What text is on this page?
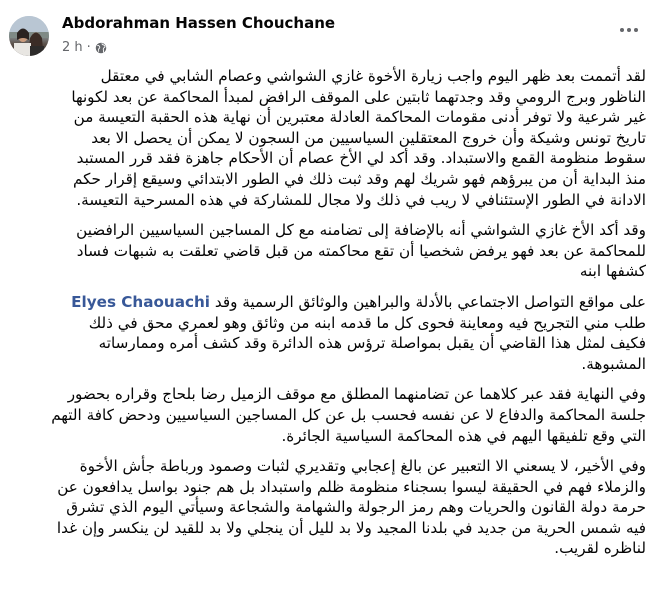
Abdorahman Hassen Chouchane
2 h ·
لقد أتممت بعد ظهر اليوم واجب زيارة الأخوة غازي الشواشي وعصام الشابي في معتقل
الناظور وبرج الرومي وقد وجدتهما ثابتين على الموقف الرافض لمبدأ المحاكمة عن بعد لكونها
غير شرعية ولا توفر أدنى مقومات المحاكمة العادلة معتبرين أن نهاية هذه الحقبة التعيسة من
تاريخ تونس وشيكة وأن خروج المعتقلين السياسيين من السجون لا يمكن أن يحصل الا بعد
سقوط منظومة القمع والاستبداد. وقد أكد لي الأخ عصام أن الأحكام جاهزة فقد قرر المستبد
منذ البداية أن من يبرؤهم فهو شريك لهم وقد ثبت ذلك في الطور الابتدائي وسيقع إقرار حكم
الادانة في الطور الإستئنافي لا ريب في ذلك ولا مجال للمشاركة في هذه المسرحية التعيسة.
وقد أكد الأخ غازي الشواشي أنه بالإضافة إلى تضامنه مع كل المساجين السياسيين الرافضين
للمحاكمة عن بعد فهو يرفض شخصيا أن تقع محاكمته من قبل قاضي تعلقت به شبهات فساد
كشفها ابنه
على مواقع التواصل الاجتماعي بالأدلة والبراهين والوثائق الرسمية وقد Elyes Chaouachi
طلب مني التجريح فيه ومعاينة فحوى كل ما قدمه ابنه من وثائق وهو لعمري محق في ذلك
فكيف لمثل هذا القاضي أن يقبل بمواصلة ترؤس هذه الدائرة وقد كشف أمره وممارساته
المشبوهة.
وفي النهاية فقد عبر كلاهما عن تضامنهما المطلق مع موقف الزميل رضا بلحاج وقراره بحضور
جلسة المحاكمة والدفاع لا عن نفسه فحسب بل عن كل المساجين السياسيين ودحض كافة التهم
التي وقع تلفيقها اليهم في هذه المحاكمة السياسية الجائرة.
وفي الأخير، لا يسعني الا التعبير عن بالغ إعجابي وتقديري لثبات وصمود ورباطة جأش الأخوة
والزملاء فهم في الحقيقة ليسوا بسجناء منظومة ظلم واستبداد بل هم جنود بواسل يدافعون عن
حرمة دولة القانون والحريات وهم رمز الرجولة والشهامة والشجاعة وسيأتي اليوم الذي تشرق
فيه شمس الحرية من جديد في بلدنا المجيد ولا بد لليل أن ينجلي ولا بد للقيد لن ينكسر وإن غدا
لناظره لقريب.
